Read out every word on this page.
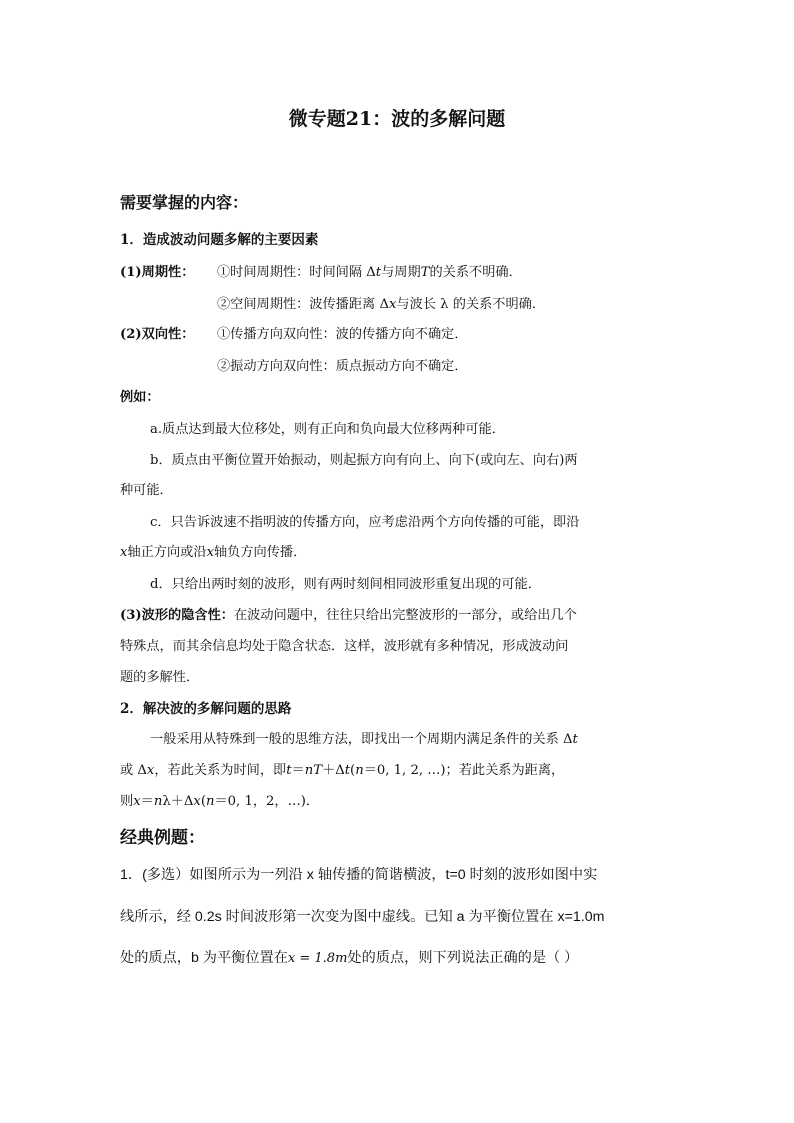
微专题21：波的多解问题
需要掌握的内容：
1．造成波动问题多解的主要因素
(1)周期性： ①时间周期性：时间间隔 Δt与周期T的关系不明确．
②空间周期性：波传播距离 Δx与波长 λ 的关系不明确．
(2)双向性： ①传播方向双向性：波的传播方向不确定．
②振动方向双向性：质点振动方向不确定．
例如：
a.质点达到最大位移处，则有正向和负向最大位移两种可能．
b．质点由平衡位置开始振动，则起振方向有向上、向下(或向左、向右)两
种可能．
c．只告诉波速不指明波的传播方向，应考虑沿两个方向传播的可能，即沿
x轴正方向或沿x轴负方向传播．
d．只给出两时刻的波形，则有两时刻间相同波形重复出现的可能．
(3)波形的隐含性：在波动问题中，往往只给出完整波形的一部分，或给出几个
特殊点，而其余信息均处于隐含状态．这样，波形就有多种情况，形成波动问
题的多解性．
2．解决波的多解问题的思路
一般采用从特殊到一般的思维方法，即找出一个周期内满足条件的关系 Δt
或 Δx，若此关系为时间，即t＝nT＋Δt(n＝0, 1, 2, …)；若此关系为距离，
则x＝nλ＋Δx(n＝0, 1，2，…)．
经典例题：
1．(多选）如图所示为一列沿 x 轴传播的简谐横波，t=0 时刻的波形如图中实
线所示，经 0.2s 时间波形第一次变为图中虚线。已知 a 为平衡位置在 x=1.0m
处的质点，b 为平衡位置在x = 1.8m处的质点，则下列说法正确的是（ ）
